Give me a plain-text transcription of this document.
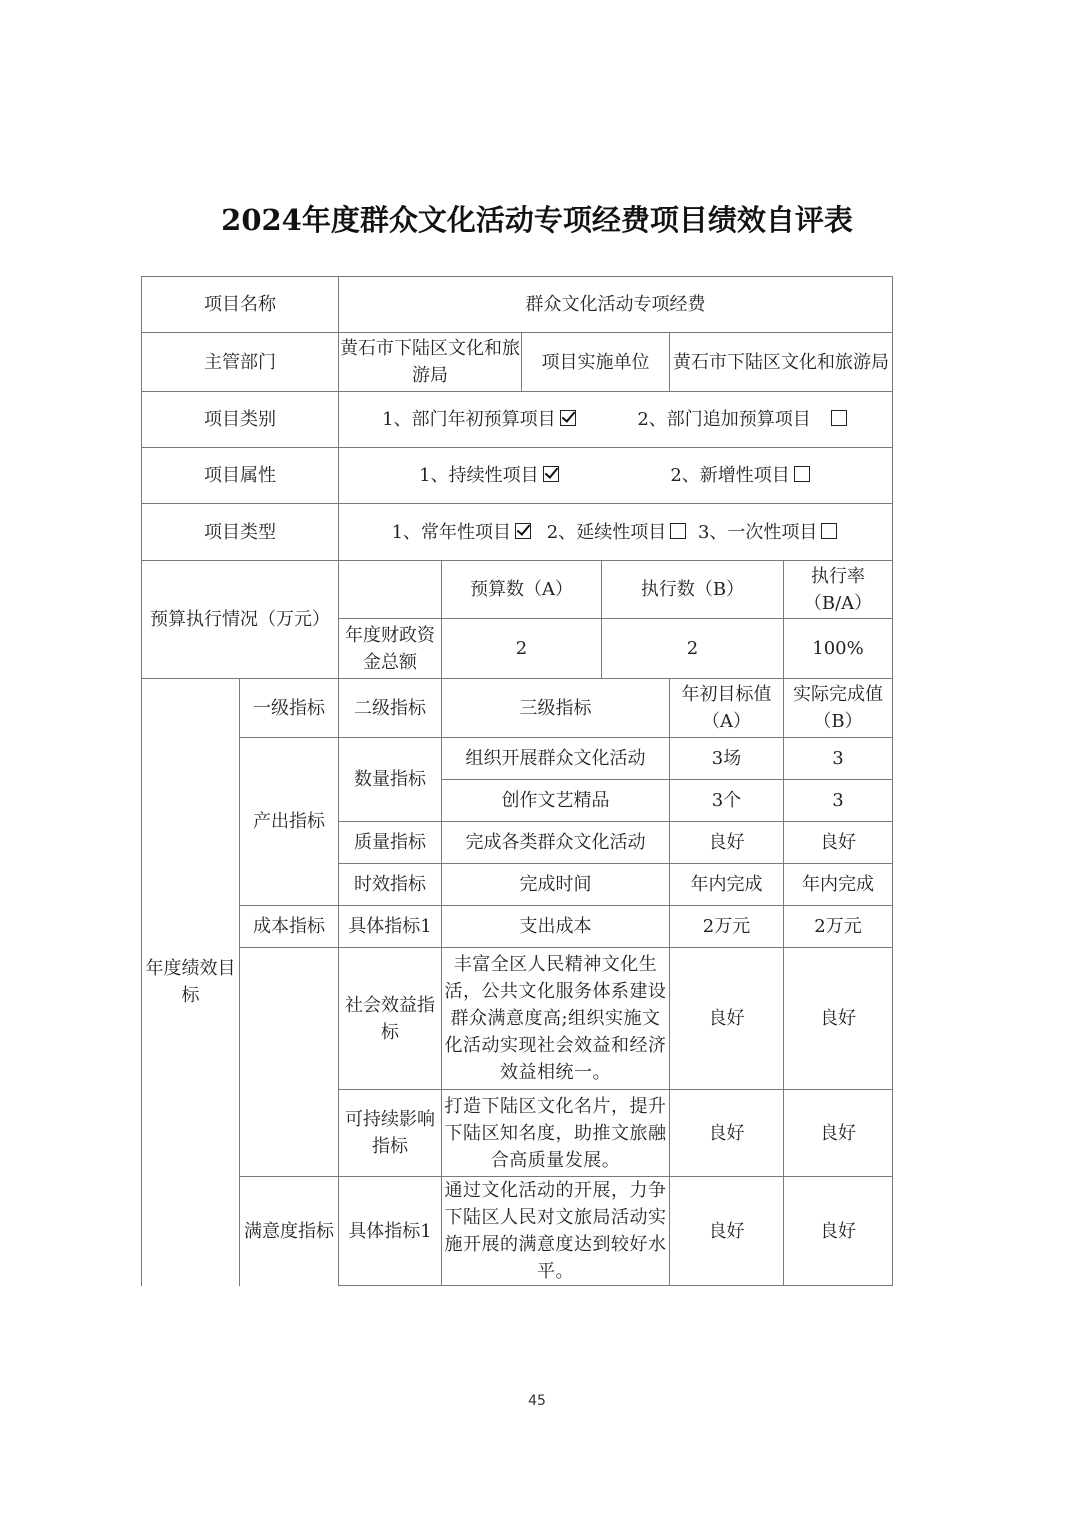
2024年度群众文化活动专项经费项目绩效自评表
项目名称		群众文化活动专项经费					
主管部门		黄石市下陆区文化和旅游局		项目实施单位		黄石市下陆区文化和旅游局	
项目类别		1、部门年初预算项目 2、部门追加预算项目					
项目属性		1、持续性项目 2、新增性项目					
项目类型		1、常年性项目 2、延续性项目 3、一次性项目					
预算执行情况（万元）			预算数（A）		执行数（B）		执行率（B/A）
		年度财政资金总额	2		2		100%
年度绩效目标	一级指标	二级指标	三级指标			年初目标值（A）	实际完成值（B）
	产出指标	数量指标	组织开展群众文化活动			3场	3
			创作文艺精品			3个	3
		质量指标	完成各类群众文化活动			良好	良好
		时效指标	完成时间			年内完成	年内完成
	成本指标	具体指标1	支出成本			2万元	2万元
		社会效益指标	丰富全区人民精神文化生活，公共文化服务体系建设群众满意度高;组织实施文化活动实现社会效益和经济效益相统一。			良好	良好
		可持续影响指标	打造下陆区文化名片，提升下陆区知名度，助推文旅融合高质量发展。			良好	良好
	满意度指标	具体指标1	通过文化活动的开展，力争下陆区人民对文旅局活动实施开展的满意度达到较好水平。			良好	良好
45
